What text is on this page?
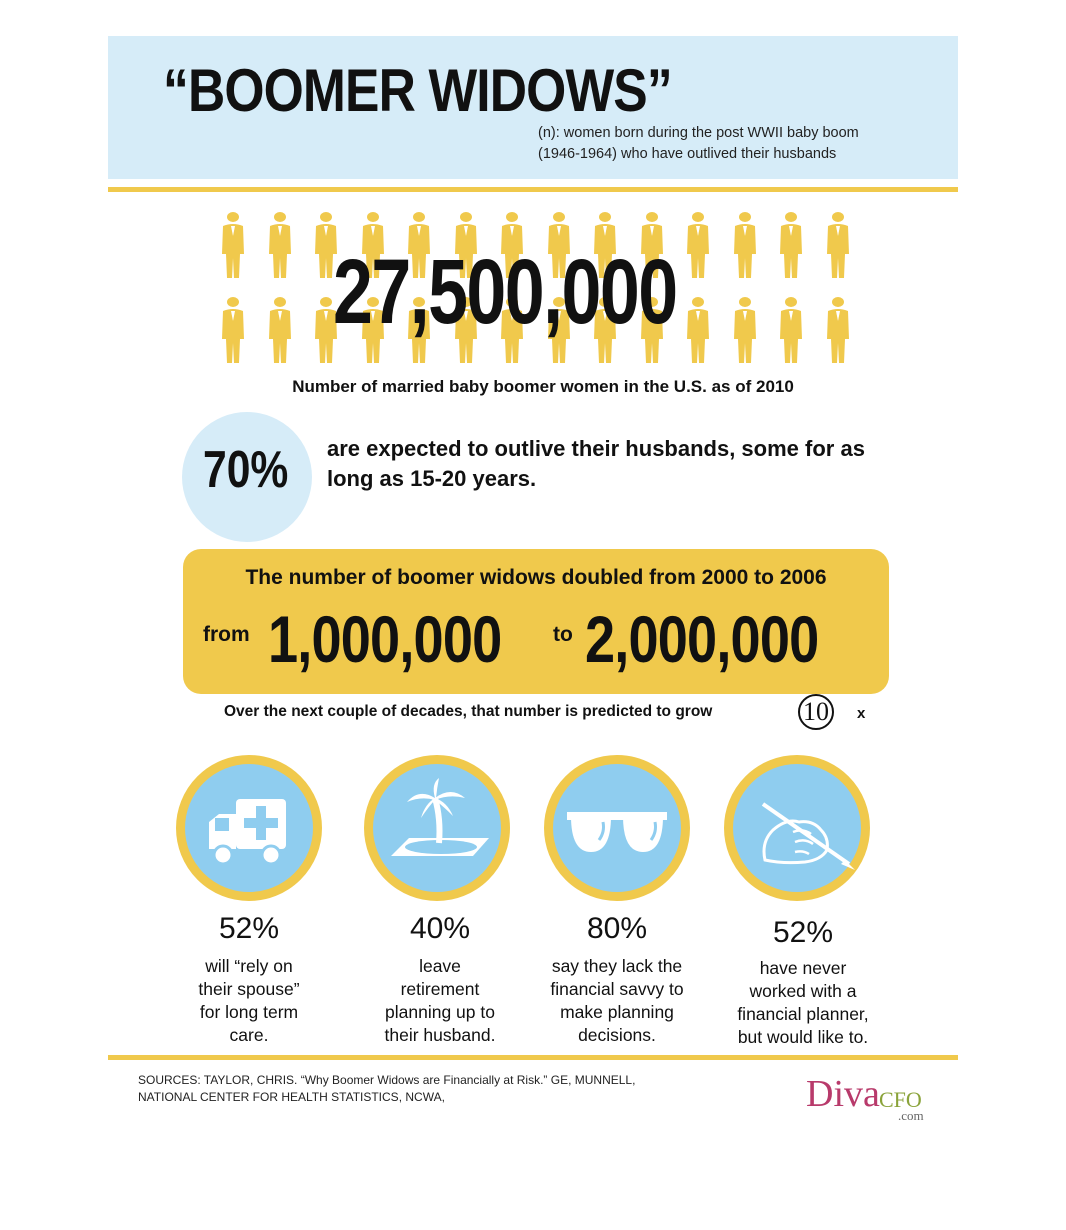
“BOOMER WIDOWS”
(n): women born during the post WWII baby boom
(1946-1964) who have outlived their husbands
27,500,000
Number of married baby boomer women in the U.S. as of 2010
70% are expected to outlive their husbands, some for as long as 15-20 years.
The number of boomer widows doubled from 2000 to 2006
from 1,000,000 to 2,000,000
Over the next couple of decades, that number is predicted to grow	10	x
52%
will “rely on
their spouse”
for long term
care.
40%
leave
retirement
planning up to
their husband.
80%
say they lack the
financial savvy to
make planning
decisions.
52%
have never
worked with a
financial planner,
but would like to.
SOURCES: TAYLOR, CHRIS. “Why Boomer Widows are Financially at Risk.” GE, MUNNELL,
NATIONAL CENTER FOR HEALTH STATISTICS, NCWA,	Diva CFO
.com
